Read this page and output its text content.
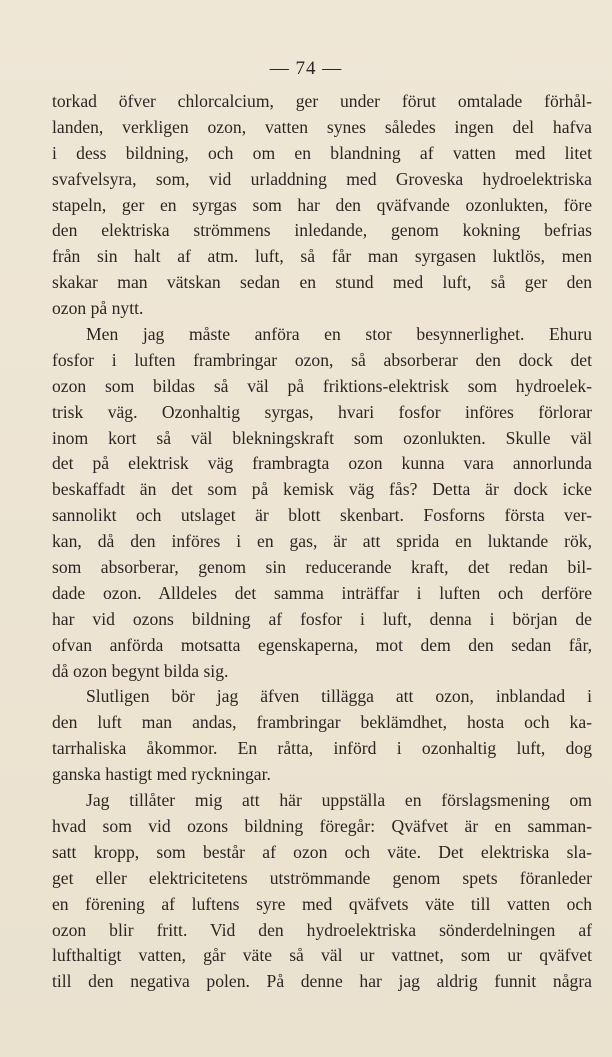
— 74 —
torkad öfver chlorcalcium, ger under förut omtalade förhål-
landen, verkligen ozon, vatten synes således ingen del hafva
i dess bildning, och om en blandning af vatten med litet
svafvelsyra, som, vid urladdning med Groveska hydroelektriska
stapeln, ger en syrgas som har den qväfvande ozonlukten, före
den elektriska strömmens inledande, genom kokning befrias
från sin halt af atm. luft, så får man syrgasen luktlös, men
skakar man vätskan sedan en stund med luft, så ger den
ozon på nytt.
Men jag måste anföra en stor besynnerlighet. Ehuru
fosfor i luften frambringar ozon, så absorberar den dock det
ozon som bildas så väl på friktions-elektrisk som hydroelek-
trisk väg. Ozonhaltig syrgas, hvari fosfor införes förlorar
inom kort så väl blekningskraft som ozonlukten. Skulle väl
det på elektrisk väg frambragta ozon kunna vara annorlunda
beskaffadt än det som på kemisk väg fås? Detta är dock icke
sannolikt och utslaget är blott skenbart. Fosforns första ver-
kan, då den införes i en gas, är att sprida en luktande rök,
som absorberar, genom sin reducerande kraft, det redan bil-
dade ozon. Alldeles det samma inträffar i luften och derföre
har vid ozons bildning af fosfor i luft, denna i början de
ofvan anförda motsatta egenskaperna, mot dem den sedan får,
då ozon begynt bilda sig.
Slutligen bör jag äfven tillägga att ozon, inblandad i
den luft man andas, frambringar beklämdhet, hosta och ka-
tarrhaliska åkommor. En råtta, införd i ozonhaltig luft, dog
ganska hastigt med ryckningar.
Jag tillåter mig att här uppställa en förslagsmening om
hvad som vid ozons bildning föregår: Qväfvet är en samman-
satt kropp, som består af ozon och väte. Det elektriska sla-
get eller elektricitetens utströmmande genom spets föranleder
en förening af luftens syre med qväfvets väte till vatten och
ozon blir fritt. Vid den hydroelektriska sönderdelningen af
lufthaltigt vatten, går väte så väl ur vattnet, som ur qväfvet
till den negativa polen. På denne har jag aldrig funnit några
